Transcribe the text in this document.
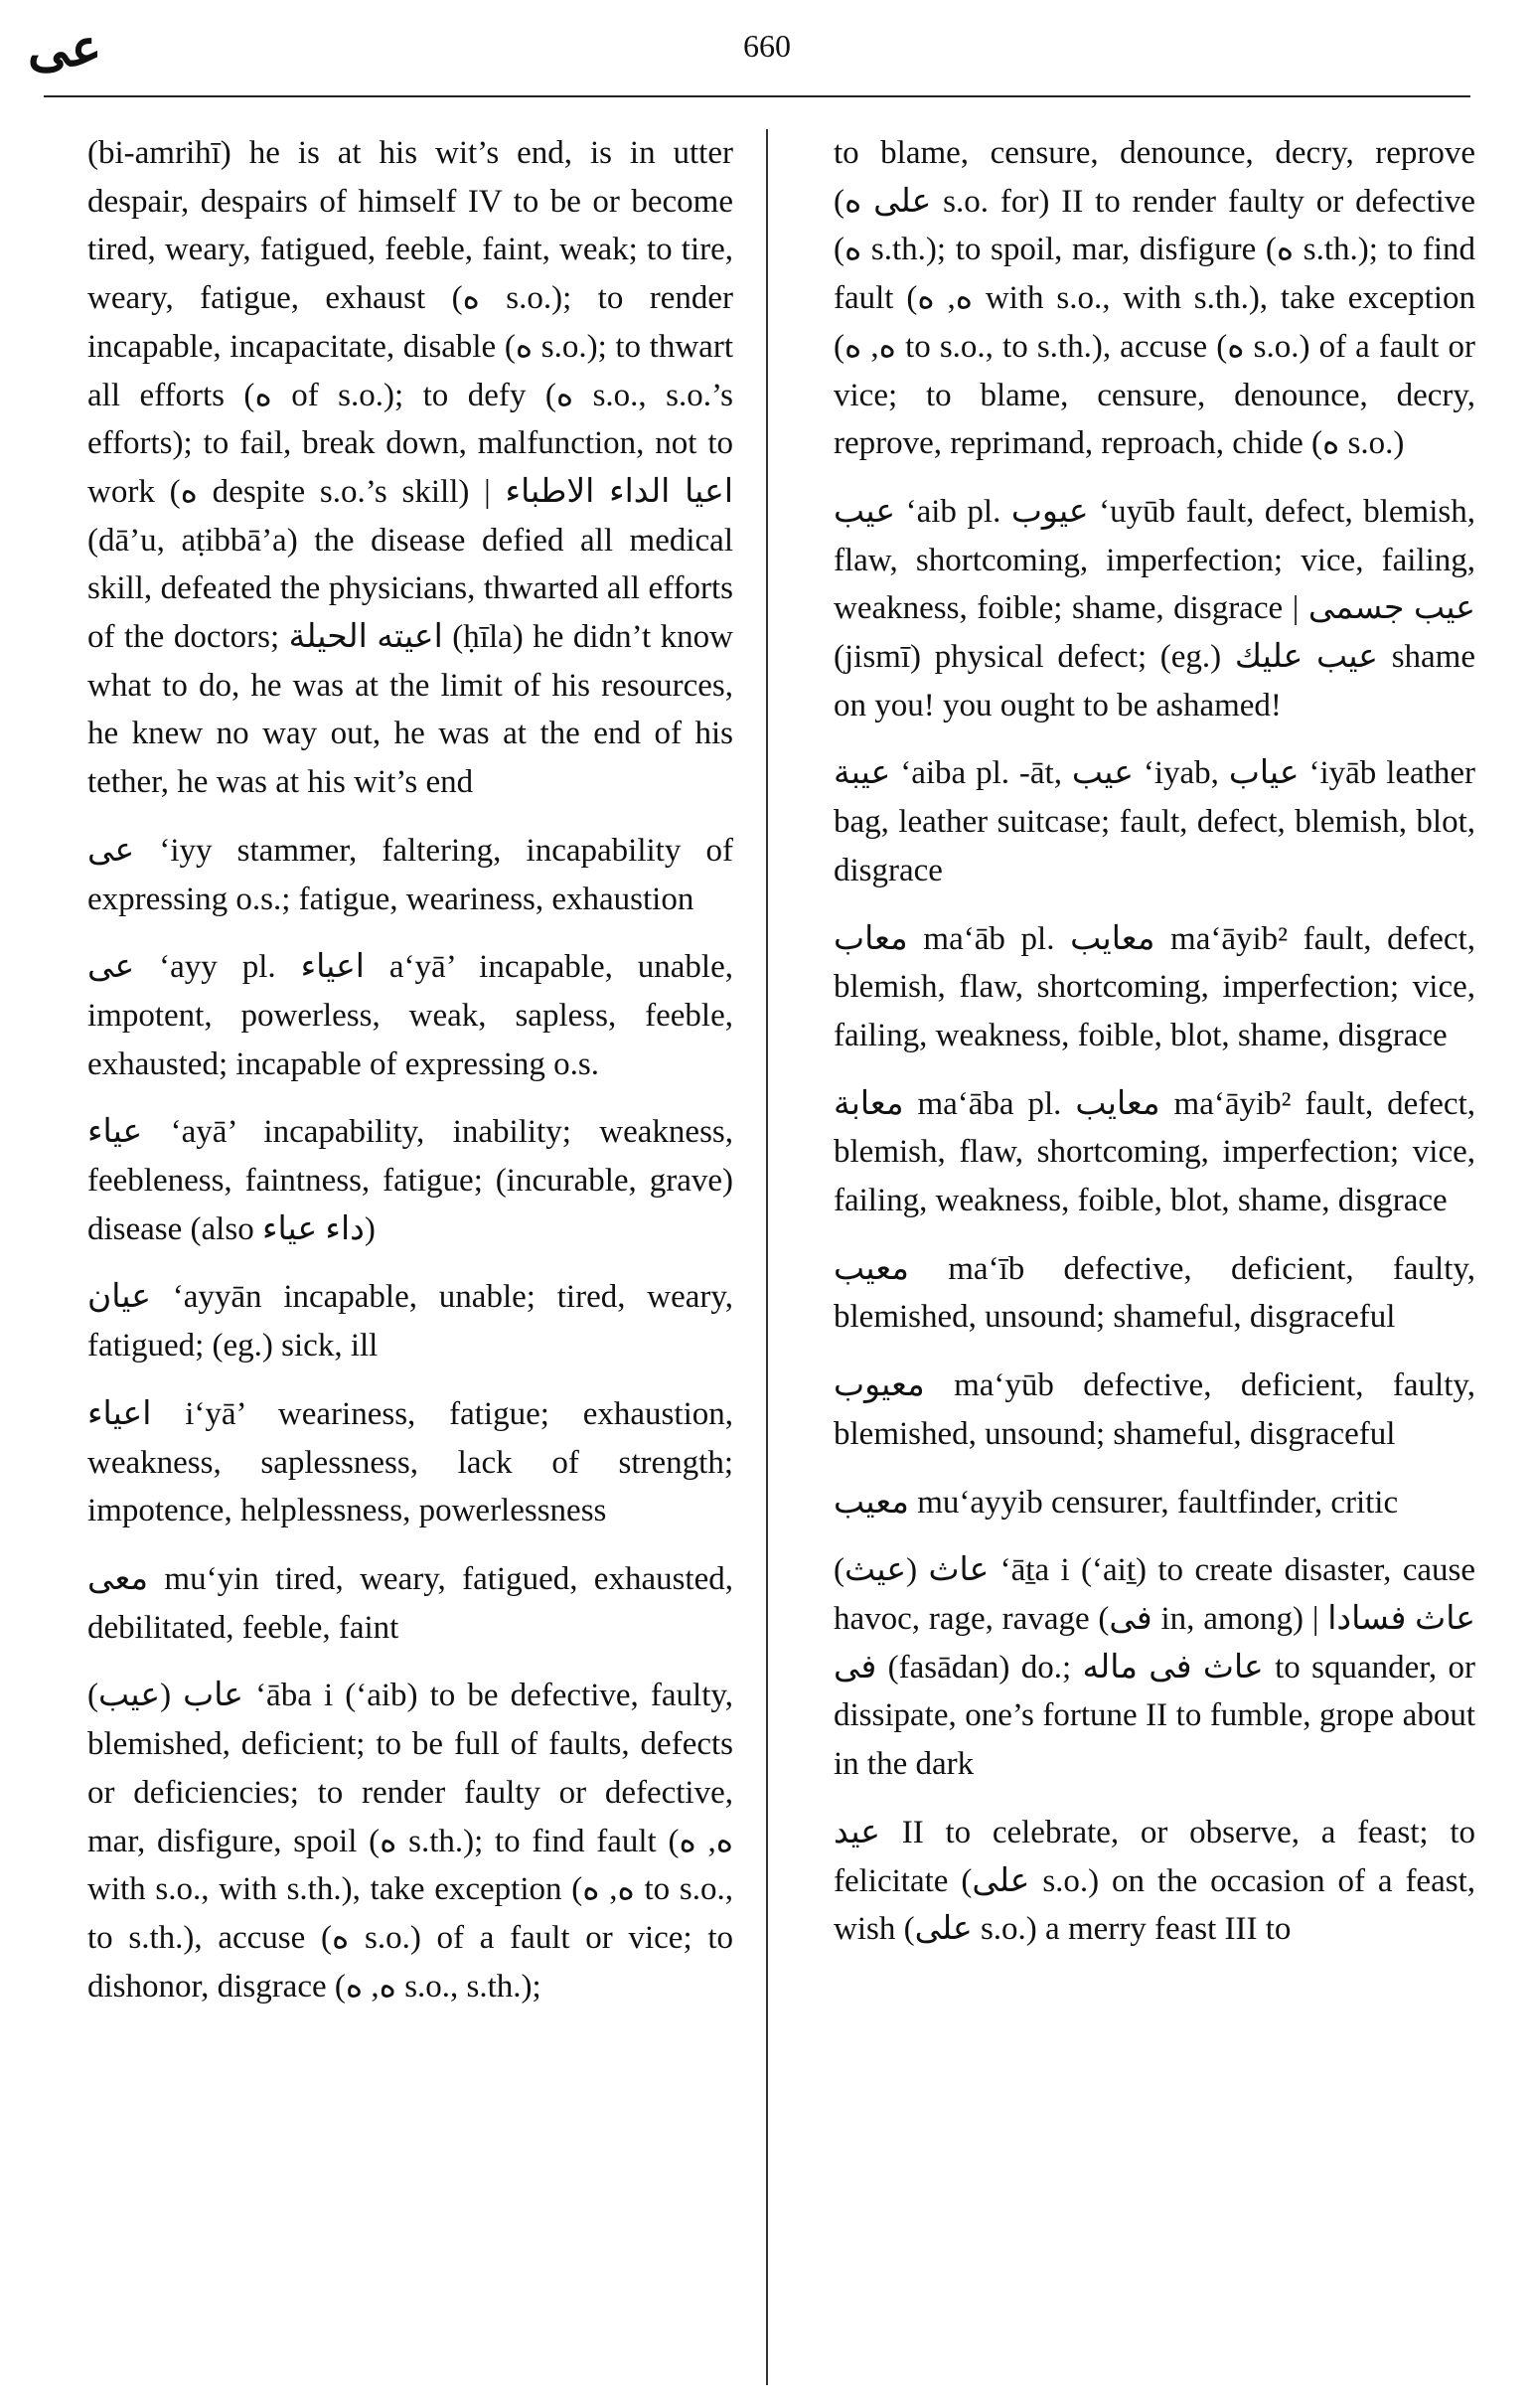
عى	660

(bi-amrihī) he is at his wit’s end, is in utter despair, despairs of himself IV to be or become tired, weary, fatigued, feeble, faint, weak; to tire, weary, fatigue, exhaust (ه s.o.); to render incapable, incapacitate, disable (ه s.o.); to thwart all efforts (ه of s.o.); to defy (ه s.o., s.o.’s efforts); to fail, break down, malfunction, not to work (ه despite s.o.’s skill) | اعيا الداء الاطباء (dā’u, aṭibbā’a) the disease defied all medical skill, defeated the physicians, thwarted all efforts of the doctors; اعيته الحيلة (ḥīla) he didn’t know what to do, he was at the limit of his resources, he knew no way out, he was at the end of his tether, he was at his wit’s end

عى ‘iyy stammer, faltering, incapability of expressing o.s.; fatigue, weariness, exhaustion

عى ‘ayy pl. اعياء a‘yā’ incapable, unable, impotent, powerless, weak, sapless, feeble, exhausted; incapable of expressing o.s.

عياء ‘ayā’ incapability, inability; weakness, feebleness, faintness, fatigue; (incurable, grave) disease (also داء عياء)

عيان ‘ayyān incapable, unable; tired, weary, fatigued; (eg.) sick, ill

اعياء i‘yā’ weariness, fatigue; exhaustion, weakness, saplessness, lack of strength; impotence, helplessness, powerlessness

معى mu‘yin tired, weary, fatigued, exhausted, debilitated, feeble, faint

(عيب) عاب ‘āba i (‘aib) to be defective, faulty, blemished, deficient; to be full of faults, defects or deficiencies; to render faulty or defective, mar, disfigure, spoil (ه s.th.); to find fault (ه, ه with s.o., with s.th.), take exception (ه, ه to s.o., to s.th.), accuse (ه s.o.) of a fault or vice; to dishonor, disgrace (ه, ه s.o., s.th.);

to blame, censure, denounce, decry, reprove (على ه s.o. for) II to render faulty or defective (ه s.th.); to spoil, mar, disfigure (ه s.th.); to find fault (ه, ه with s.o., with s.th.), take exception (ه, ه to s.o., to s.th.), accuse (ه s.o.) of a fault or vice; to blame, censure, denounce, decry, reprove, reprimand, reproach, chide (ه s.o.)

عيب ‘aib pl. عيوب ‘uyūb fault, defect, blemish, flaw, shortcoming, imperfection; vice, failing, weakness, foible; shame, disgrace | عيب جسمى (jismī) physical defect; (eg.) عيب عليك shame on you! you ought to be ashamed!

عيبة ‘aiba pl. -āt, عيب ‘iyab, عياب ‘iyāb leather bag, leather suitcase; fault, defect, blemish, blot, disgrace

معاب ma‘āb pl. معايب ma‘āyib² fault, defect, blemish, flaw, shortcoming, imperfection; vice, failing, weakness, foible, blot, shame, disgrace

معابة ma‘āba pl. معايب ma‘āyib² fault, defect, blemish, flaw, shortcoming, imperfection; vice, failing, weakness, foible, blot, shame, disgrace

معيب ma‘īb defective, deficient, faulty, blemished, unsound; shameful, disgraceful

معيوب ma‘yūb defective, deficient, faulty, blemished, unsound; shameful, disgraceful

معيب mu‘ayyib censurer, faultfinder, critic

(عيث) عاث ‘āṯa i (‘aiṯ) to create disaster, cause havoc, rage, ravage (فى in, among) | عاث فسادا فى (fasādan) do.; عاث فى ماله to squander, or dissipate, one’s fortune II to fumble, grope about in the dark

عيد II to celebrate, or observe, a feast; to felicitate (على s.o.) on the occasion of a feast, wish (على s.o.) a merry feast III to
